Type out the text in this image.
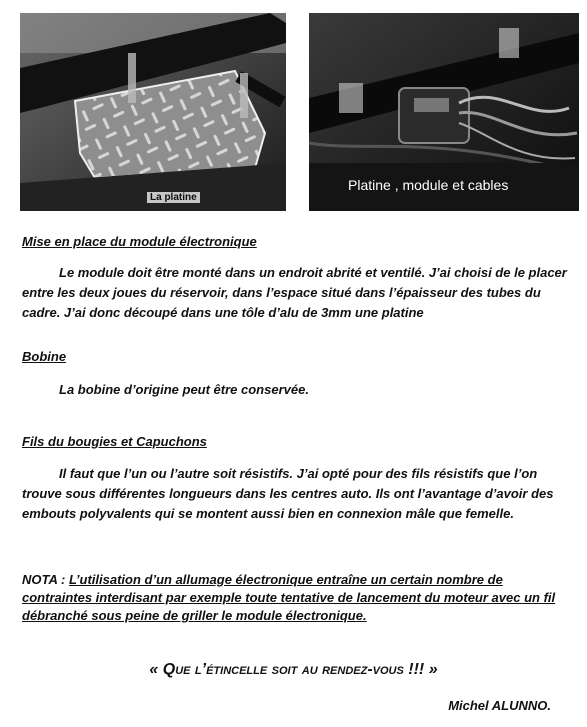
La platine
Platine , module et cables
Mise en place du module électronique

Le module doit être monté dans un endroit abrité et ventilé. J’ai choisi de le placer entre les deux joues du réservoir, dans l’espace situé dans l’épaisseur des tubes du cadre. J’ai donc découpé dans une tôle d’alu de 3mm une platine

Bobine

La bobine d’origine peut être conservée.

Fils du bougies et Capuchons

Il faut que l’un ou l’autre soit résistifs. J’ai opté pour des fils résistifs que l’on trouve sous différentes longueurs dans les centres auto. Ils ont l’avantage d’avoir des embouts polyvalents qui se montent aussi bien en connexion mâle que femelle.

NOTA : L’utilisation d’un allumage électronique entraîne un certain nombre de contraintes interdisant par exemple toute tentative de lancement du moteur avec un fil débranché sous peine de griller le module électronique.
« Que l’étincelle soit au rendez-vous !!! »
Michel ALUNNO.
